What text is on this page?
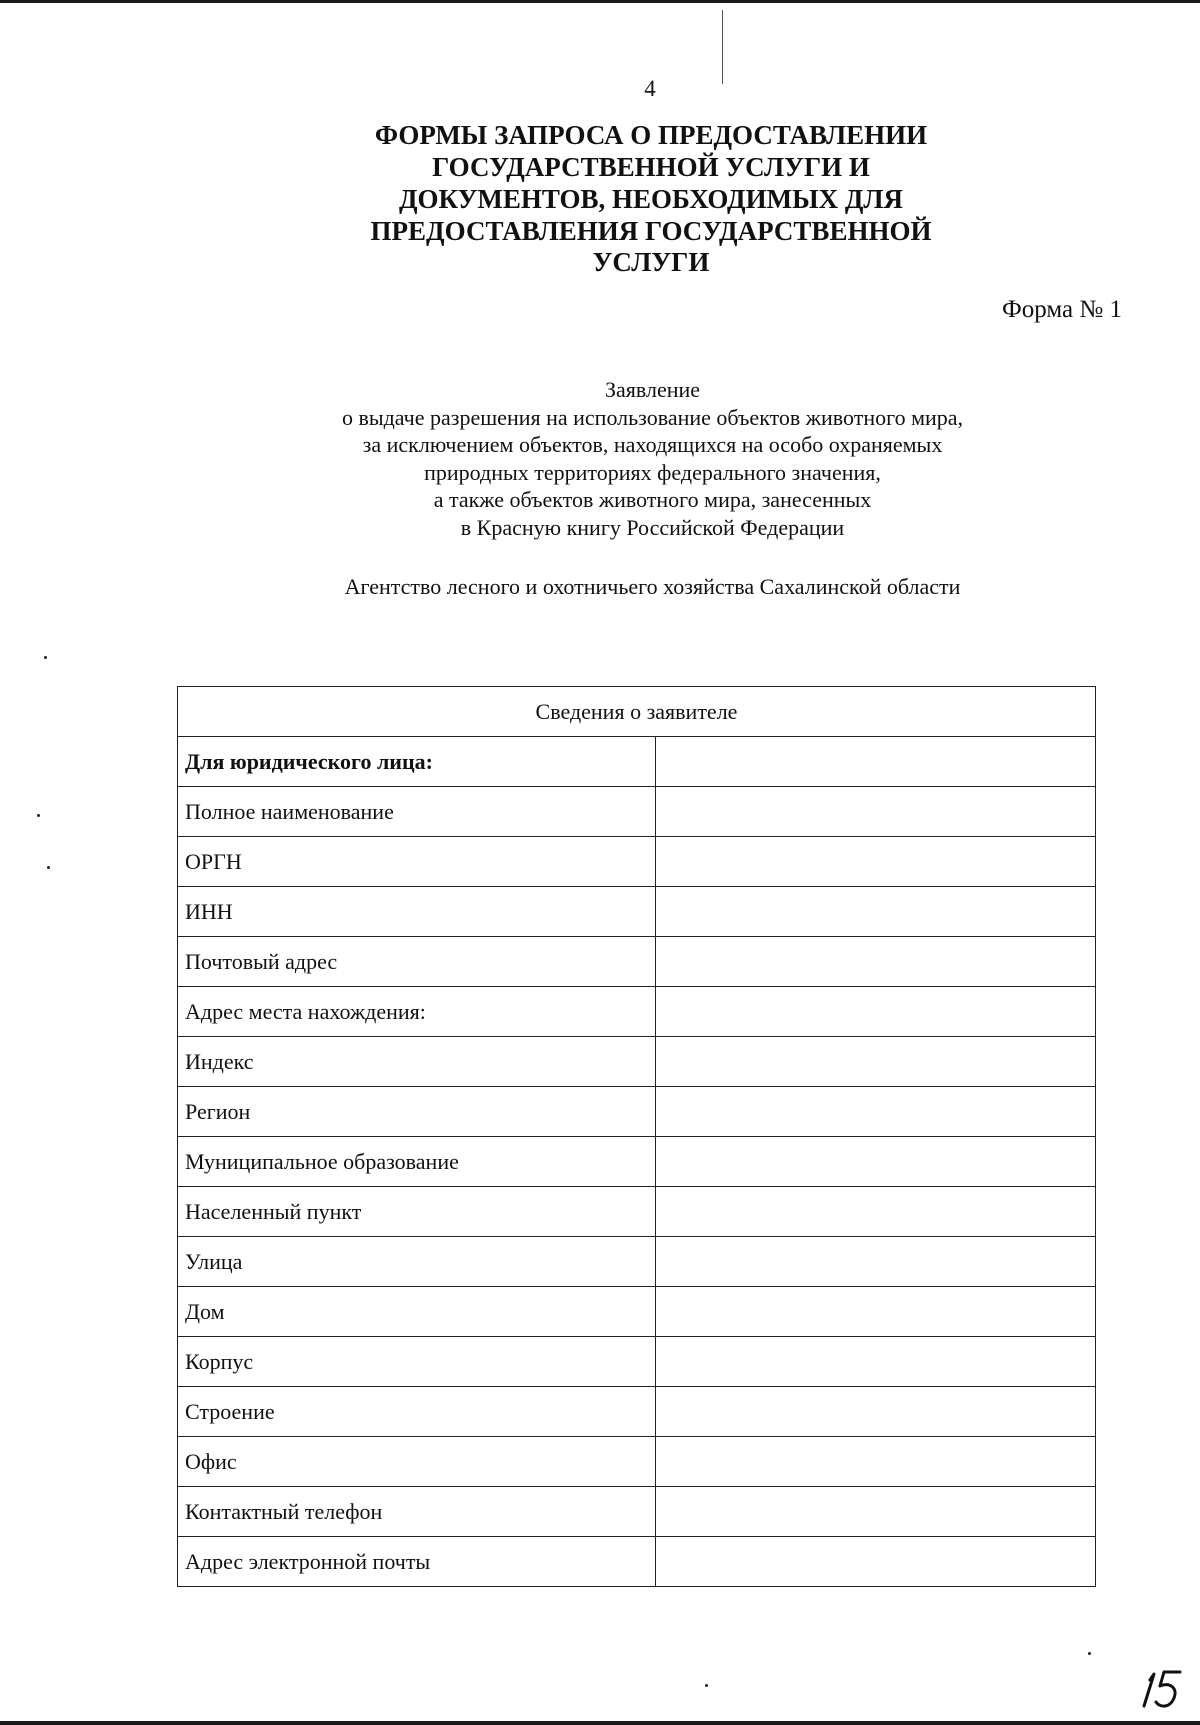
4
ФОРМЫ ЗАПРОСА О ПРЕДОСТАВЛЕНИИ
ГОСУДАРСТВЕННОЙ УСЛУГИ И
ДОКУМЕНТОВ, НЕОБХОДИМЫХ ДЛЯ
ПРЕДОСТАВЛЕНИЯ ГОСУДАРСТВЕННОЙ
УСЛУГИ
Форма № 1
Заявление
о выдаче разрешения на использование объектов животного мира,
за исключением объектов, находящихся на особо охраняемых
природных территориях федерального значения,
а также объектов животного мира, занесенных
в Красную книгу Российской Федерации
Агентство лесного и охотничьего хозяйства Сахалинской области
Сведения о заявителе	
Для юридического лица:	
Полное наименование	
ОРГН	
ИНН	
Почтовый адрес	
Адрес места нахождения:	
Индекс	
Регион	
Муниципальное образование	
Населенный пункт	
Улица	
Дом	
Корпус	
Строение	
Офис	
Контактный телефон	
Адрес электронной почты	
